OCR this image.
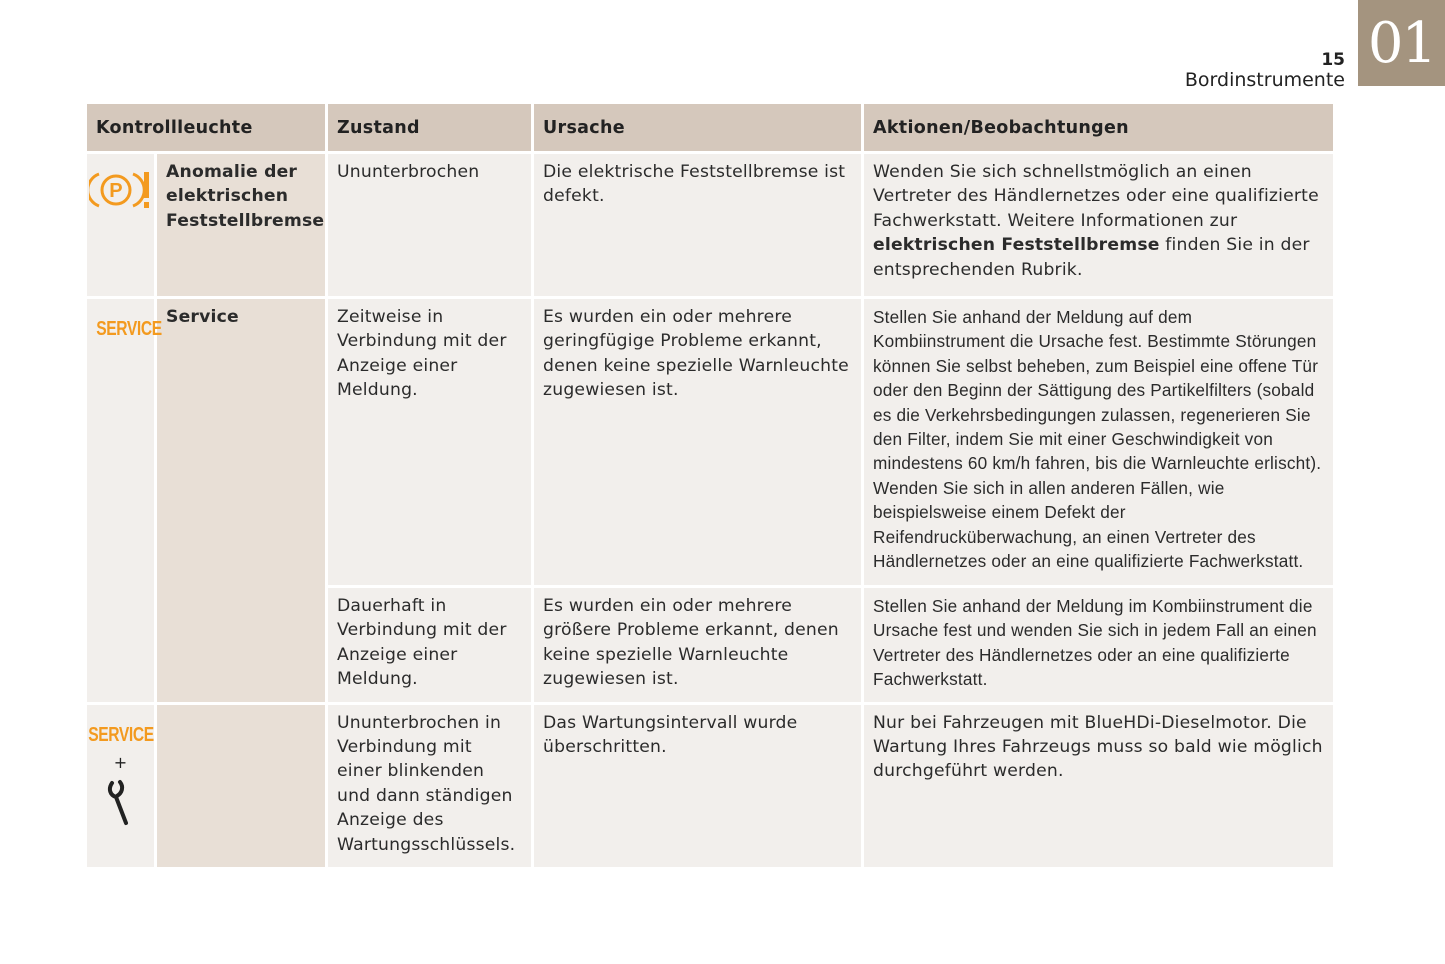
01
15
Bordinstrumente
Kontrollleuchte		Zustand	Ursache	Aktionen/Beobachtungen

P	Anomalie der elektrischen Feststellbremse	Ununterbrochen	Die elektrische Feststellbremse ist defekt.	Wenden Sie sich schnellstmöglich an einen Vertreter des Händlernetzes oder eine qualifizierte Fachwerkstatt. Weitere Informationen zur elektrischen Feststellbremse finden Sie in der entsprechenden Rubrik.
SERVICE	Service	Zeitweise in Verbindung mit der Anzeige einer Meldung.	Es wurden ein oder mehrere geringfügige Probleme erkannt, denen keine spezielle Warnleuchte zugewiesen ist.	Stellen Sie anhand der Meldung auf dem Kombiinstrument die Ursache fest. Bestimmte Störungen können Sie selbst beheben, zum Beispiel eine offene Tür oder den Beginn der Sättigung des Partikelfilters (sobald es die Verkehrsbedingungen zulassen, regenerieren Sie den Filter, indem Sie mit einer Geschwindigkeit von mindestens 60 km/h fahren, bis die Warnleuchte erlischt). Wenden Sie sich in allen anderen Fällen, wie beispielsweise einem Defekt der Reifendrucküberwachung, an einen Vertreter des Händlernetzes oder an eine qualifizierte Fachwerkstatt.
		Dauerhaft in Verbindung mit der Anzeige einer Meldung.	Es wurden ein oder mehrere größere Probleme erkannt, denen keine spezielle Warnleuchte zugewiesen ist.	Stellen Sie anhand der Meldung im Kombiinstrument die Ursache fest und wenden Sie sich in jedem Fall an einen Vertreter des Händlernetzes oder an eine qualifizierte Fachwerkstatt.

SERVICE
+		Ununterbrochen in Verbindung mit einer blinkenden und dann ständigen Anzeige des Wartungsschlüssels.	Das Wartungsintervall wurde überschritten.	Nur bei Fahrzeugen mit BlueHDi-Dieselmotor. Die Wartung Ihres Fahrzeugs muss so bald wie möglich durchgeführt werden.
